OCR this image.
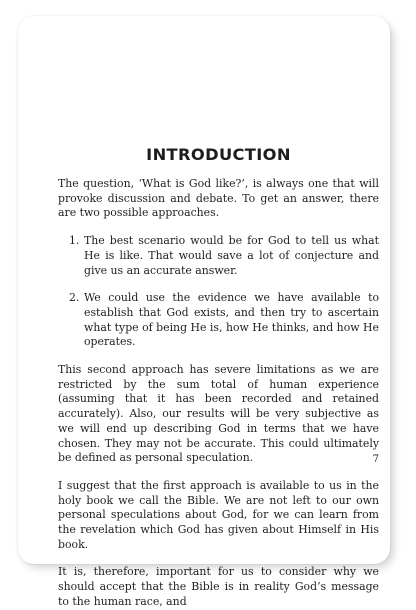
INTRODUCTION

The question, ‘What is God like?’, is always one that will provoke discussion and debate. To get an answer, there are two possible approaches.

1. The best scenario would be for God to tell us what He is like. That would save a lot of conjecture and give us an accurate answer.
2. We could use the evidence we have available to establish that God exists, and then try to ascertain what type of being He is, how He thinks, and how He operates.

This second approach has severe limitations as we are restricted by the sum total of human experience (assuming that it has been recorded and retained accurately). Also, our results will be very subjective as we will end up describing God in terms that we have chosen. They may not be accurate. This could ultimately be defined as personal speculation.

I suggest that the first approach is available to us in the holy book we call the Bible. We are not left to our own personal speculations about God, for we can learn from the revelation which God has given about Himself in His book.

It is, therefore, important for us to consider why we should accept that the Bible is in reality God’s message to the human race, and

7
